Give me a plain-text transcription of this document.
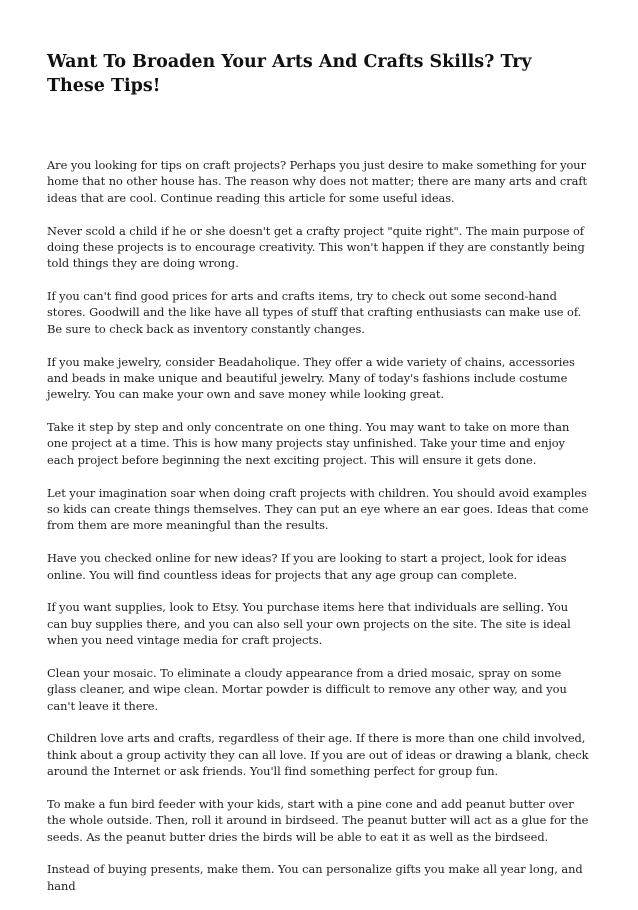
Want To Broaden Your Arts And Crafts Skills? Try These Tips!

Are you looking for tips on craft projects? Perhaps you just desire to make something for your home that no other house has. The reason why does not matter; there are many arts and craft ideas that are cool. Continue reading this article for some useful ideas.

Never scold a child if he or she doesn't get a crafty project "quite right". The main purpose of doing these projects is to encourage creativity. This won't happen if they are constantly being told things they are doing wrong.

If you can't find good prices for arts and crafts items, try to check out some second-hand stores. Goodwill and the like have all types of stuff that crafting enthusiasts can make use of. Be sure to check back as inventory constantly changes.

If you make jewelry, consider Beadaholique. They offer a wide variety of chains, accessories and beads in make unique and beautiful jewelry. Many of today's fashions include costume jewelry. You can make your own and save money while looking great.

Take it step by step and only concentrate on one thing. You may want to take on more than one project at a time. This is how many projects stay unfinished. Take your time and enjoy each project before beginning the next exciting project. This will ensure it gets done.

Let your imagination soar when doing craft projects with children. You should avoid examples so kids can create things themselves. They can put an eye where an ear goes. Ideas that come from them are more meaningful than the results.

Have you checked online for new ideas? If you are looking to start a project, look for ideas online. You will find countless ideas for projects that any age group can complete.

If you want supplies, look to Etsy. You purchase items here that individuals are selling. You can buy supplies there, and you can also sell your own projects on the site. The site is ideal when you need vintage media for craft projects.

Clean your mosaic. To eliminate a cloudy appearance from a dried mosaic, spray on some glass cleaner, and wipe clean. Mortar powder is difficult to remove any other way, and you can't leave it there.

Children love arts and crafts, regardless of their age. If there is more than one child involved, think about a group activity they can all love. If you are out of ideas or drawing a blank, check around the Internet or ask friends. You'll find something perfect for group fun.

To make a fun bird feeder with your kids, start with a pine cone and add peanut butter over the whole outside. Then, roll it around in birdseed. The peanut butter will act as a glue for the seeds. As the peanut butter dries the birds will be able to eat it as well as the birdseed.

Instead of buying presents, make them. You can personalize gifts you make all year long, and hand
